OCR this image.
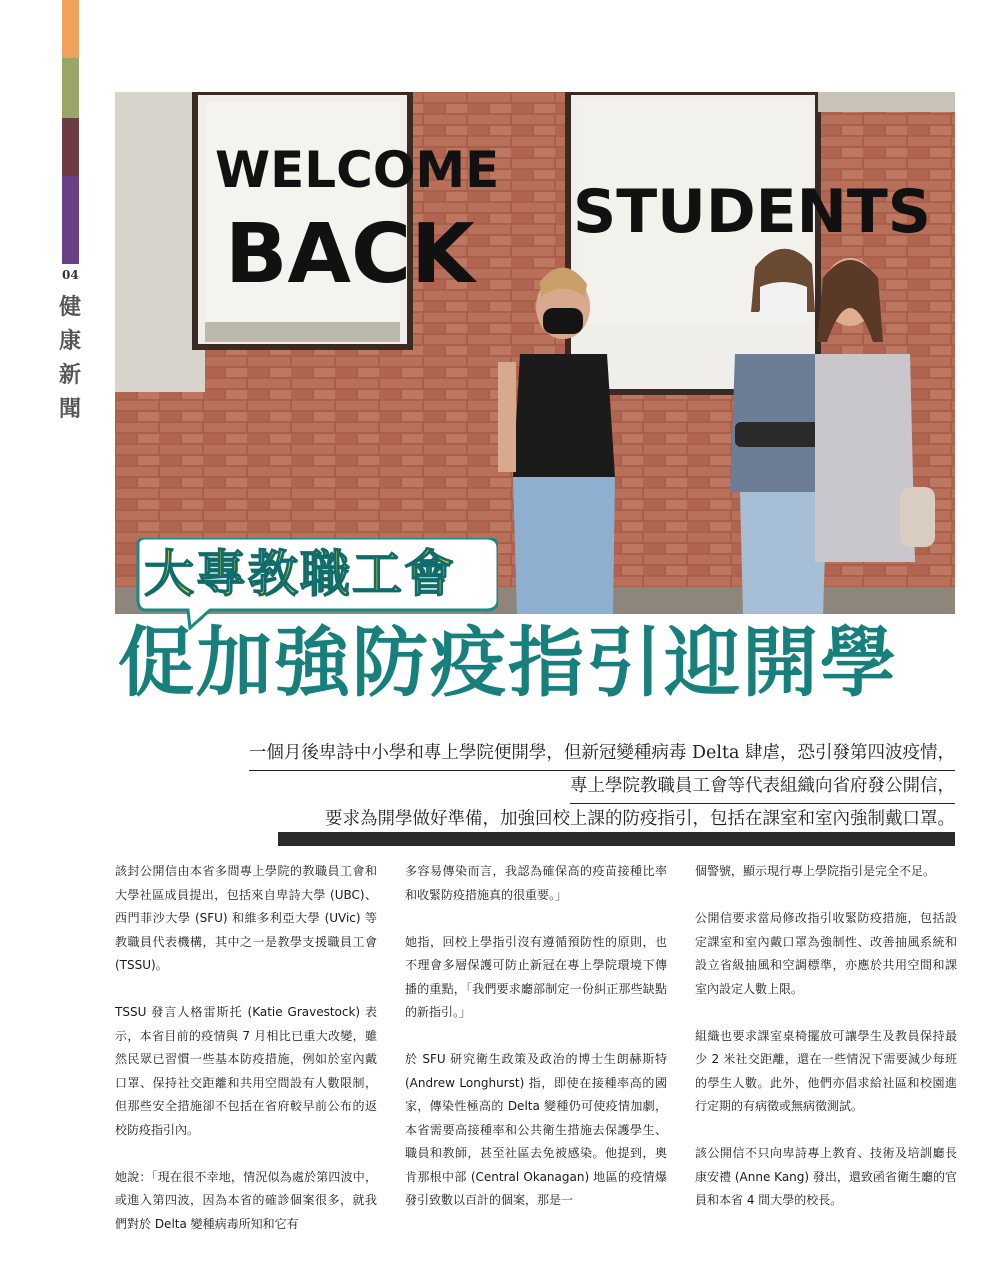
04
健康新聞
WELCOME
BACK STUDENTS
大專教職工會
促加強防疫指引迎開學
一個月後卑詩中小學和專上學院便開學，但新冠變種病毒 Delta 肆虐，恐引發第四波疫情，
專上學院教職員工會等代表組織向省府發公開信，
要求為開學做好準備，加強回校上課的防疫指引，包括在課室和室內強制戴口罩。

該封公開信由本省多間專上學院的教職員工會和大學社區成員提出，包括來自卑詩大學 (UBC)、西門菲沙大學 (SFU) 和維多利亞大學 (UVic) 等教職員代表機構，其中之一是教學支援職員工會 (TSSU)。

TSSU 發言人格雷斯托 (Katie Gravestock) 表示，本省目前的疫情與 7 月相比已重大改變，雖然民眾已習慣一些基本防疫措施，例如於室內戴口罩、保持社交距離和共用空間設有人數限制，但那些安全措施卻不包括在省府較早前公布的返校防疫指引內。

她說：「現在很不幸地，情況似為處於第四波中，或進入第四波，因為本省的確診個案很多，就我們對於 Delta 變種病毒所知和它有

多容易傳染而言，我認為確保高的疫苗接種比率和收緊防疫措施真的很重要。」

她指，回校上學指引沒有遵循預防性的原則，也不理會多層保護可防止新冠在專上學院環境下傳播的重點，「我們要求廳部制定一份糾正那些缺點的新指引。」

於 SFU 研究衛生政策及政治的博士生朗赫斯特 (Andrew Longhurst) 指，即使在接種率高的國家，傳染性極高的 Delta 變種仍可使疫情加劇，本省需要高接種率和公共衛生措施去保護學生、職員和教師，甚至社區去免被感染。他提到，奧肯那根中部 (Central Okanagan) 地區的疫情爆發引致數以百計的個案，那是一

個警號，顯示現行專上學院指引是完全不足。

公開信要求當局修改指引收緊防疫措施，包括設定課室和室內戴口罩為強制性、改善抽風系統和設立省級抽風和空調標準，亦應於共用空間和課室內設定人數上限。

組織也要求課室桌椅擺放可讓學生及教員保持最少 2 米社交距離，還在一些情況下需要減少每班的學生人數。此外，他們亦倡求給社區和校園進行定期的有病徵或無病徵測試。

該公開信不只向卑詩專上教育、技術及培訓廳長康安禮 (Anne Kang) 發出，還致函省衛生廳的官員和本省 4 間大學的校長。
